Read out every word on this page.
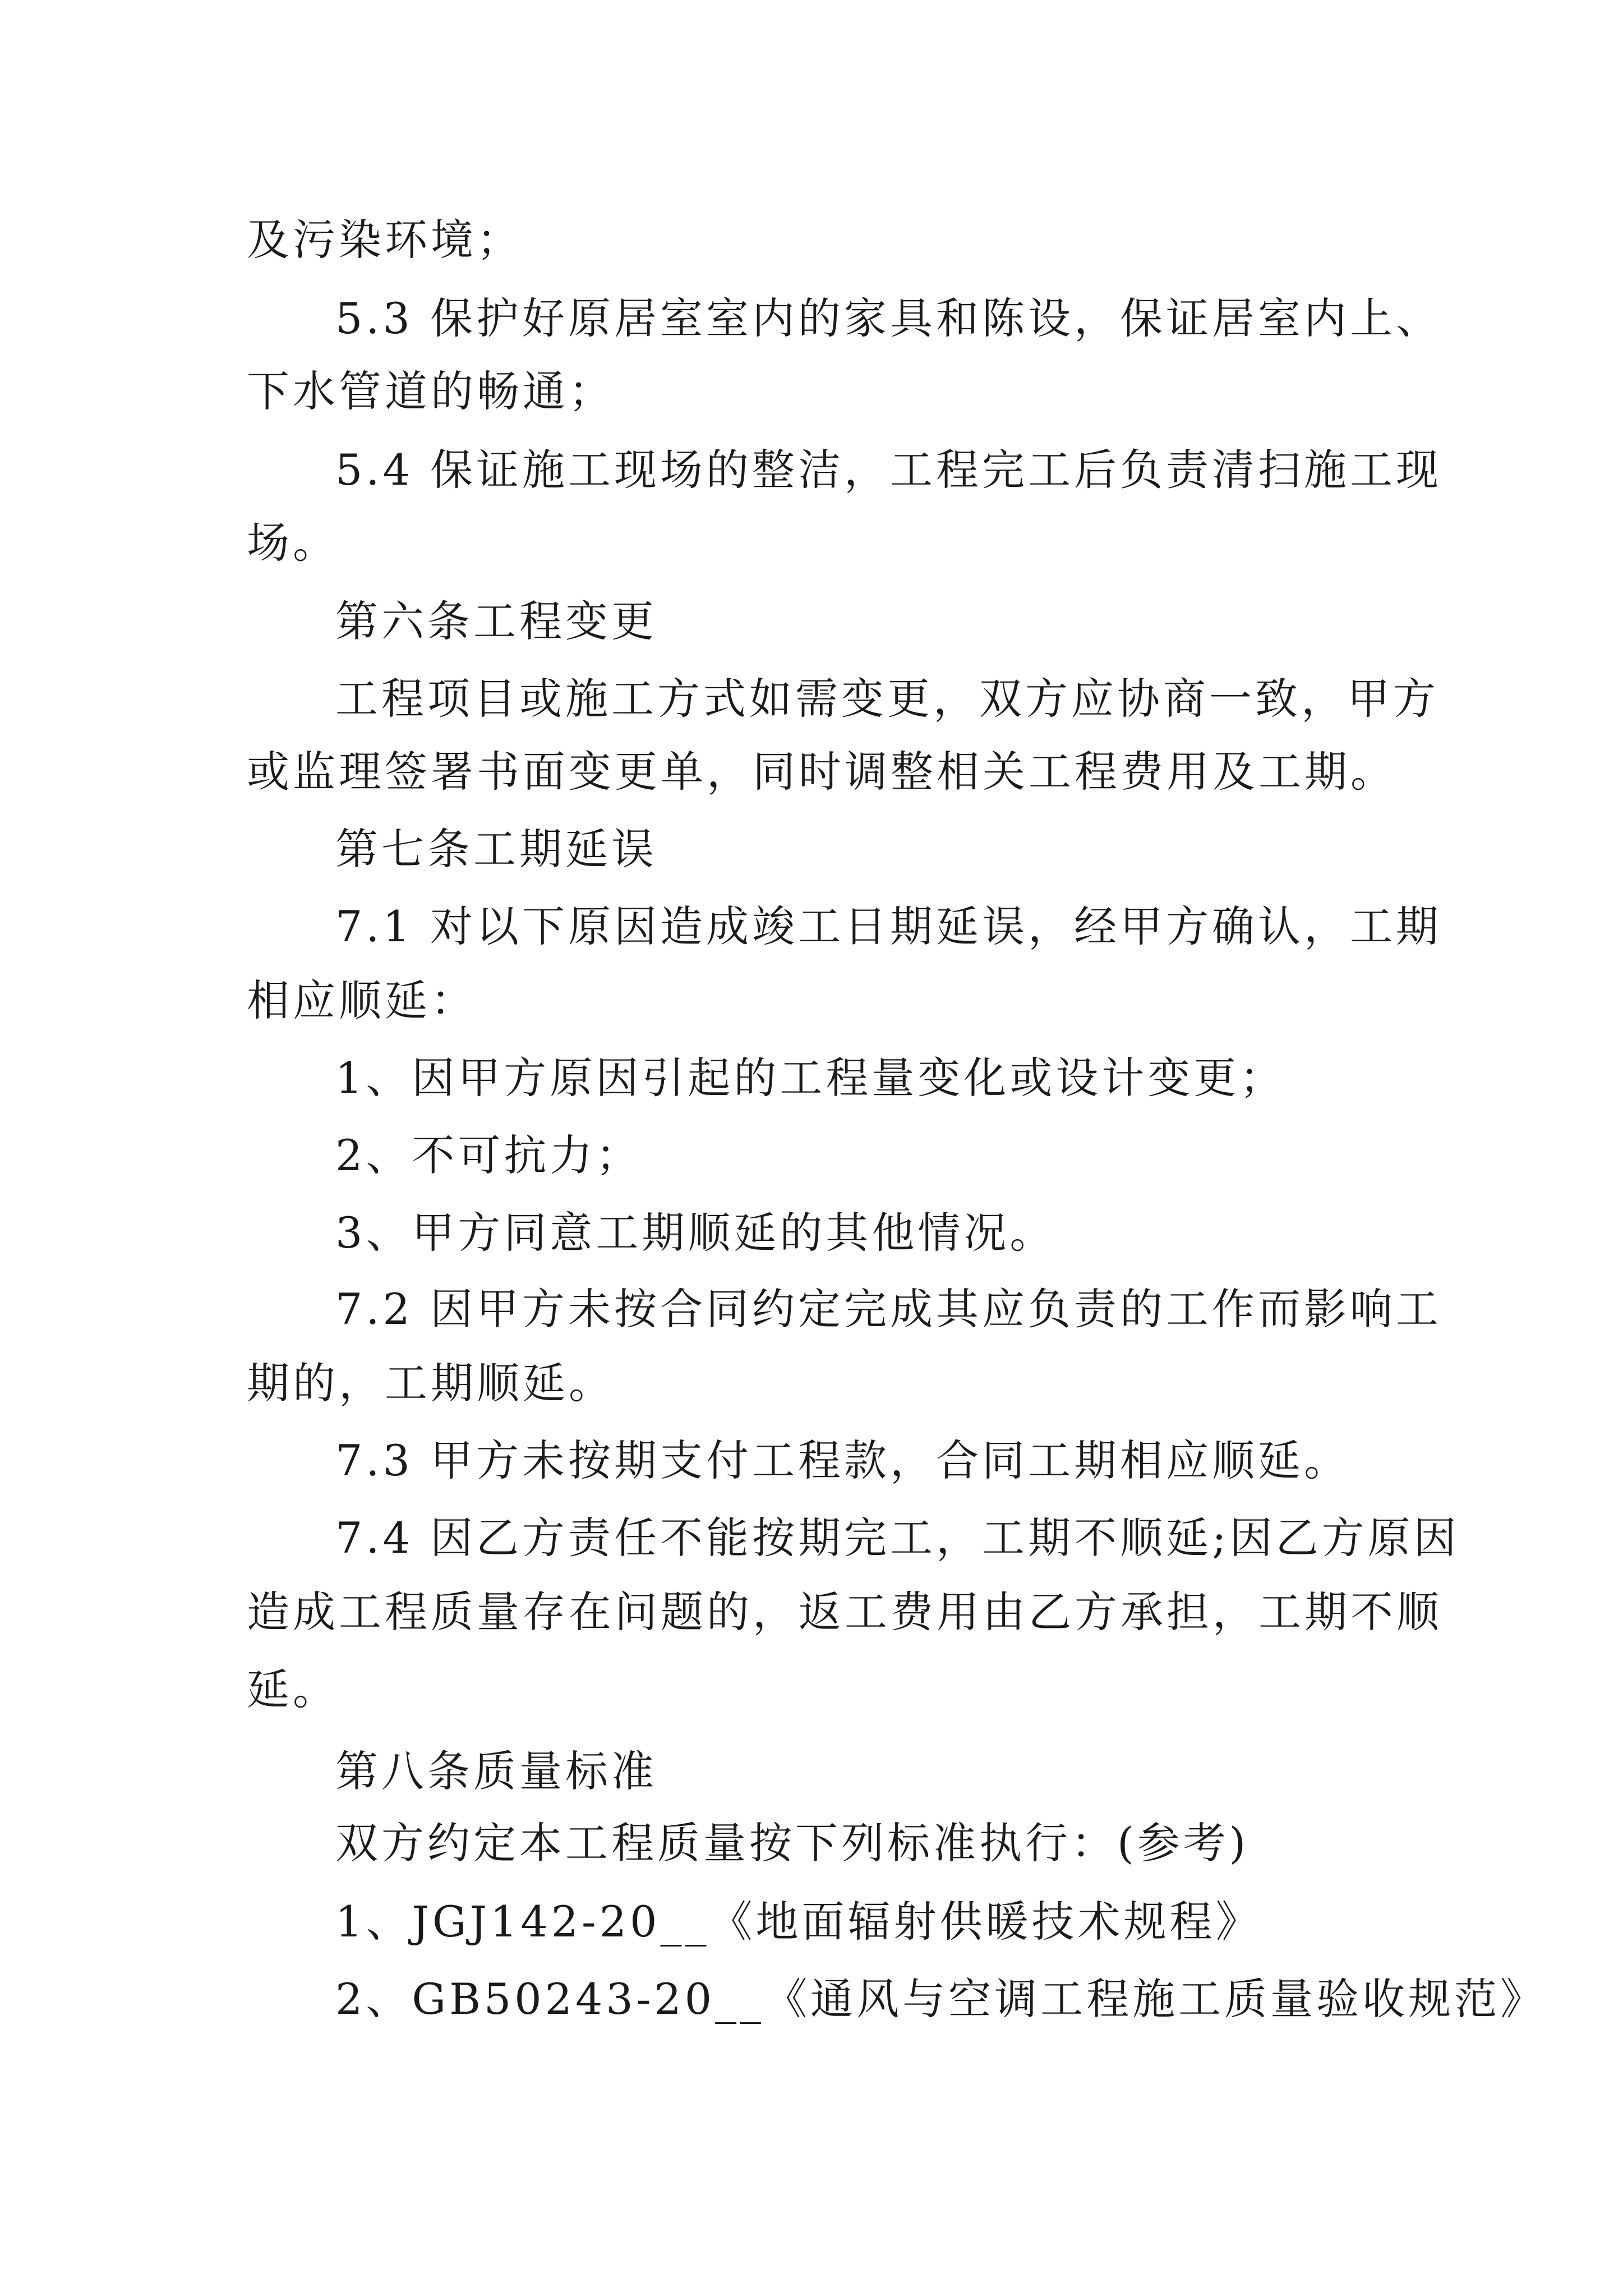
及污染环境；

5.3 保护好原居室室内的家具和陈设，保证居室内上、

下水管道的畅通；

5.4 保证施工现场的整洁，工程完工后负责清扫施工现

场。

第六条工程变更

工程项目或施工方式如需变更，双方应协商一致，甲方

或监理签署书面变更单，同时调整相关工程费用及工期。

第七条工期延误

7.1 对以下原因造成竣工日期延误，经甲方确认，工期

相应顺延：

1、因甲方原因引起的工程量变化或设计变更；

2、不可抗力；

3、甲方同意工期顺延的其他情况。

7.2 因甲方未按合同约定完成其应负责的工作而影响工

期的，工期顺延。

7.3 甲方未按期支付工程款，合同工期相应顺延。

7.4 因乙方责任不能按期完工，工期不顺延;因乙方原因

造成工程质量存在问题的，返工费用由乙方承担，工期不顺

延。

第八条质量标准

双方约定本工程质量按下列标准执行：(参考)

1、JGJ142-20__《地面辐射供暖技术规程》

2、GB50243-20__《通风与空调工程施工质量验收规范》
